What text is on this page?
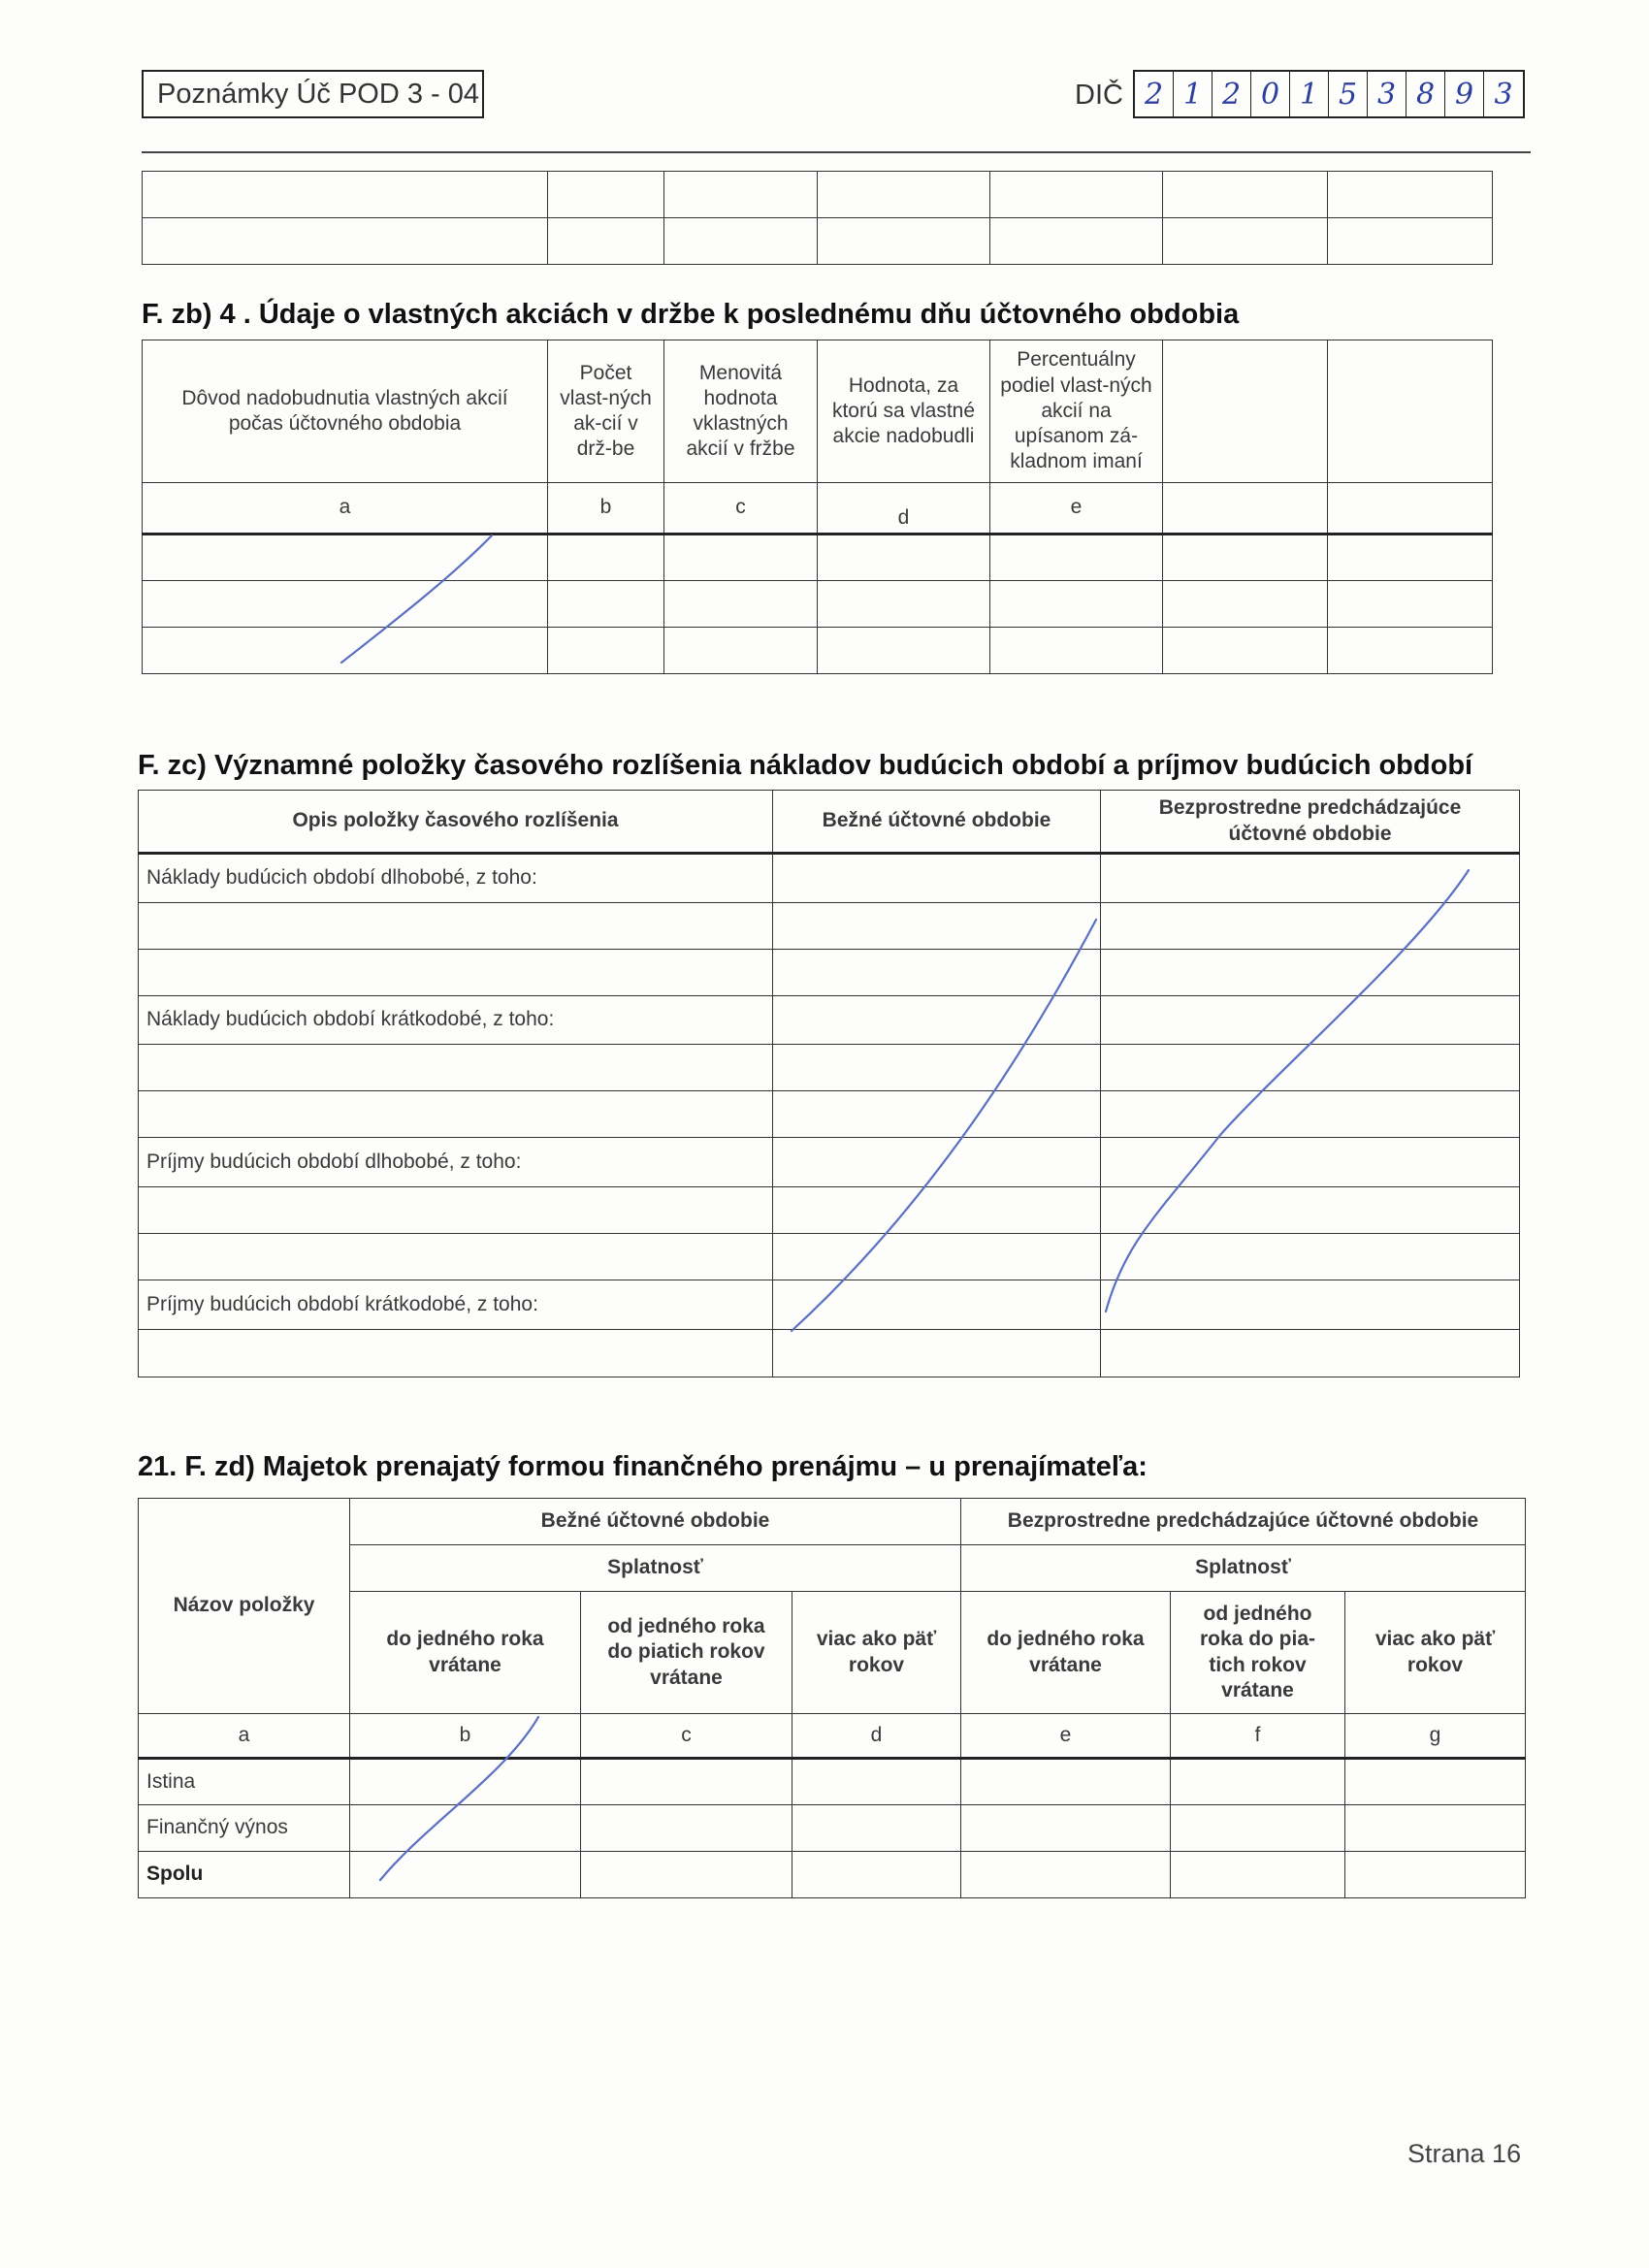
Poznámky Úč POD 3 - 04	DIČ 2 1 2 0 1 5 3 8 9 3

F. zb) 4 . Údaje o vlastných akciách v držbe k poslednému dňu účtovného obdobia
Dôvod nadobudnutia vlastných akcií počas účtovného obdobia	Počet vlast-ných ak-cií v drž-be	Menovitá hodnota vklastných akcií v fržbe	Hodnota, za ktorú sa vlastné akcie nadobudli	Percentuálny podiel vlast-ných akcií na upísanom zá-kladnom imaní		
a	b	c	d	e		

F. zc) Významné položky časového rozlíšenia nákladov budúcich období a príjmov budúcich období
Opis položky časového rozlíšenia	Bežné účtovné obdobie	Bezprostredne predchádzajúce účtovné obdobie
Náklady budúcich období dlhobobé, z toho:		

Náklady budúcich období krátkodobé, z toho:		

Príjmy budúcich období dlhobobé, z toho:		

Príjmy budúcich období krátkodobé, z toho:		

21. F. zd) Majetok prenajatý formou finančného prenájmu – u prenajímateľa:
Názov položky	Bežné účtovné obdobie			Bezprostredne predchádzajúce účtovné obdobie		
	Splatnosť			Splatnosť		
	do jedného roka vrátane	od jedného roka do piatich rokov vrátane	viac ako päť rokov	do jedného roka vrátane	od jedného roka do pia-tich rokov vrátane	viac ako päť rokov
a	b	c	d	e	f	g
Istina						
Finančný výnos						
Spolu						
Strana 16
